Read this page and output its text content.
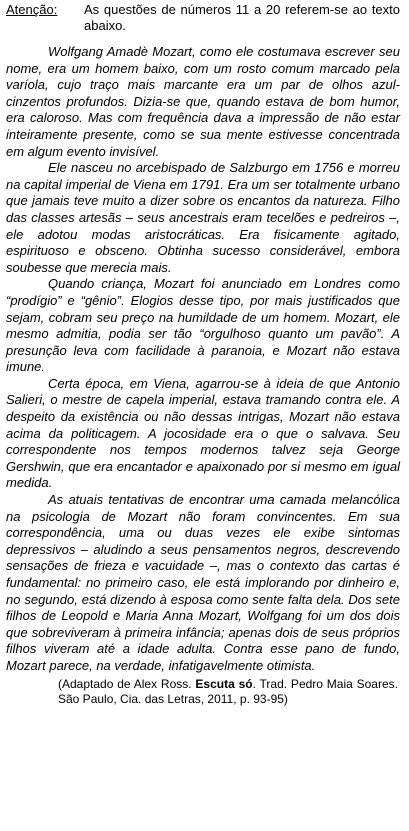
Atenção: As questões de números 11 a 20 referem-se ao texto abaixo.

Wolfgang Amadè Mozart, como ele costumava escrever seu nome, era um homem baixo, com um rosto comum marcado pela varíola, cujo traço mais marcante era um par de olhos azul-cinzentos profundos. Dizia-se que, quando estava de bom humor, era caloroso. Mas com frequência dava a impressão de não estar inteiramente presente, como se sua mente estivesse concentrada em algum evento invisível.

Ele nasceu no arcebispado de Salzburgo em 1756 e morreu na capital imperial de Viena em 1791. Era um ser totalmente urbano que jamais teve muito a dizer sobre os encantos da natureza. Filho das classes artesãs – seus ancestrais eram tecelões e pedreiros –, ele adotou modas aristocráticas. Era fisicamente agitado, espirituoso e obsceno. Obtinha sucesso considerável, embora soubesse que merecia mais.

Quando criança, Mozart foi anunciado em Londres como “prodígio” e “gênio”. Elogios desse tipo, por mais justificados que sejam, cobram seu preço na humildade de um homem. Mozart, ele mesmo admitia, podia ser tão “orgulhoso quanto um pavão”. A presunção leva com facilidade à paranoia, e Mozart não estava imune.

Certa época, em Viena, agarrou-se à ideia de que Antonio Salieri, o mestre de capela imperial, estava tramando contra ele. A despeito da existência ou não dessas intrigas, Mozart não estava acima da politicagem. A jocosidade era o que o salvava. Seu correspondente nos tempos modernos talvez seja George Gershwin, que era encantador e apaixonado por si mesmo em igual medida.

As atuais tentativas de encontrar uma camada melancólica na psicologia de Mozart não foram convincentes. Em sua correspondência, uma ou duas vezes ele exibe sintomas depressivos – aludindo a seus pensamentos negros, descrevendo sensações de frieza e vacuidade –, mas o contexto das cartas é fundamental: no primeiro caso, ele está implorando por dinheiro e, no segundo, está dizendo à esposa como sente falta dela. Dos sete filhos de Leopold e Maria Anna Mozart, Wolfgang foi um dos dois que sobreviveram à primeira infância; apenas dois de seus próprios filhos viveram até a idade adulta. Contra esse pano de fundo, Mozart parece, na verdade, infatigavelmente otimista.

(Adaptado de Alex Ross. Escuta só. Trad. Pedro Maia Soares. São Paulo, Cia. das Letras, 2011, p. 93-95)
